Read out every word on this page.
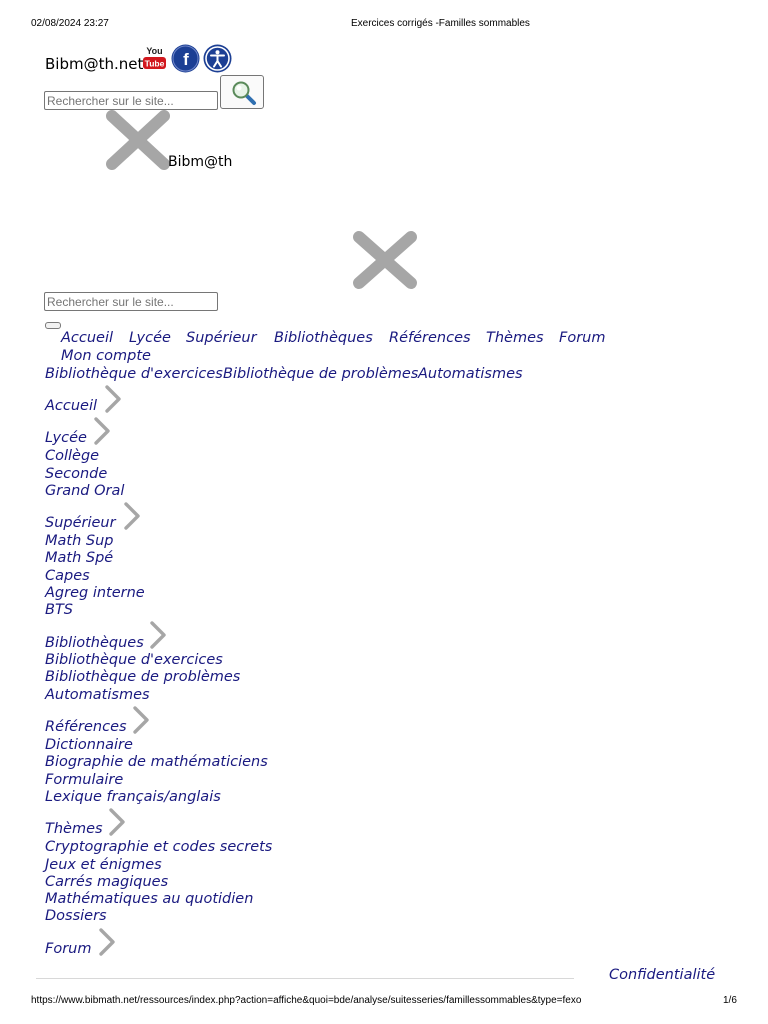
02/08/2024 23:27	Exercices corrigés -Familles sommables
Bibm@th.net
You
Tube f
Rechercher sur le site...
Bibm@th
Rechercher sur le site...
Accueil Lycée Supérieur Bibliothèques Références Thèmes Forum
Mon compte
Bibliothèque d'exercices Bibliothèque de problèmes Automatismes
Accueil
Lycée
Collège
Seconde
Grand Oral
Supérieur
Math Sup
Math Spé
Capes
Agreg interne
BTS
Bibliothèques
Bibliothèque d'exercices
Bibliothèque de problèmes
Automatismes
Références
Dictionnaire
Biographie de mathématiciens
Formulaire
Lexique français/anglais
Thèmes
Cryptographie et codes secrets
Jeux et énigmes
Carrés magiques
Mathématiques au quotidien
Dossiers
Forum
Confidentialité
https://www.bibmath.net/ressources/index.php?action=affiche&quoi=bde/analyse/suitesseries/famillessommables&type=fexo	1/6
